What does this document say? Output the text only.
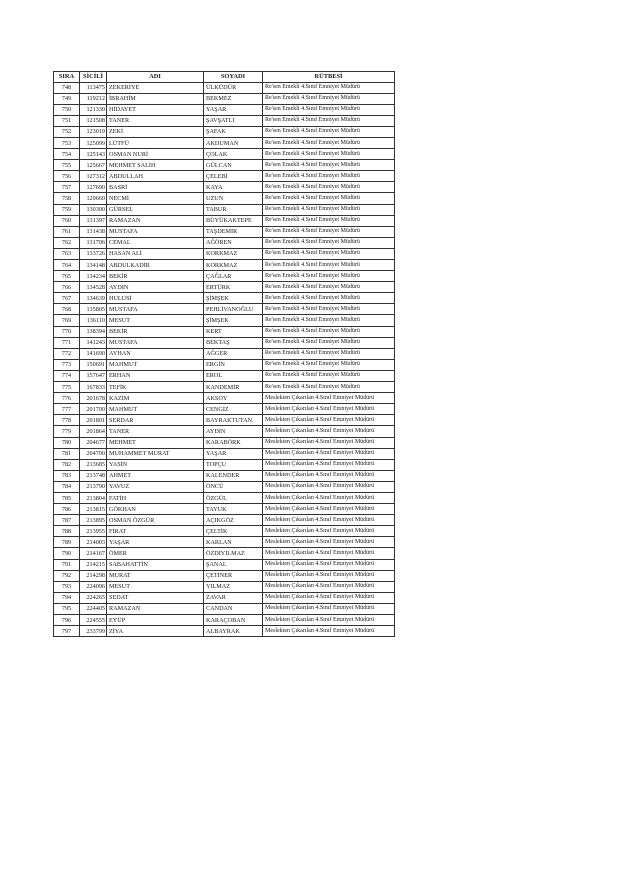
SIRA	SİCİLİ	ADI	SOYADI	RÜTBESİ
748	113475	ZEKERİYE	ÜLKÜDÜR	Re'sen Emekli 4.Sınıf Emniyet Müdürü
749	119212	İBRAHİM	BEKMEZ	Re'sen Emekli 4.Sınıf Emniyet Müdürü
750	121330	HİDAYET	YAŞAR	Re'sen Emekli 4.Sınıf Emniyet Müdürü
751	121508	TANER	ŞAVŞATLI	Re'sen Emekli 4.Sınıf Emniyet Müdürü
752	123019	ZEKİ	ŞAFAK	Re'sen Emekli 4.Sınıf Emniyet Müdürü
753	125099	LÜTFÜ	AKDUMAN	Re'sen Emekli 4.Sınıf Emniyet Müdürü
754	125143	OSMAN NURİ	ÇOLAK	Re'sen Emekli 4.Sınıf Emniyet Müdürü
755	125667	MEHMET SALİH	GÜLCAN	Re'sen Emekli 4.Sınıf Emniyet Müdürü
756	127312	ABDULLAH	ÇELEBİ	Re'sen Emekli 4.Sınıf Emniyet Müdürü
757	127690	BASRİ	KAYA	Re'sen Emekli 4.Sınıf Emniyet Müdürü
758	129660	NECMİ	UZUN	Re'sen Emekli 4.Sınıf Emniyet Müdürü
759	130300	GÜRSEL	TABUR	Re'sen Emekli 4.Sınıf Emniyet Müdürü
760	131397	RAMAZAN	BÜYÜKAKTEPE	Re'sen Emekli 4.Sınıf Emniyet Müdürü
761	131438	MUSTAFA	TAŞDEMİR	Re'sen Emekli 4.Sınıf Emniyet Müdürü
762	131706	CEMAL	AĞÖREN	Re'sen Emekli 4.Sınıf Emniyet Müdürü
763	133726	HASAN ALİ	KORKMAZ	Re'sen Emekli 4.Sınıf Emniyet Müdürü
764	134148	ABDULKADİR	KORKMAZ	Re'sen Emekli 4.Sınıf Emniyet Müdürü
765	134234	BEKİR	ÇAĞLAR	Re'sen Emekli 4.Sınıf Emniyet Müdürü
766	134528	AYDIN	ERTÜRK	Re'sen Emekli 4.Sınıf Emniyet Müdürü
767	134639	HULUSİ	ŞİMŞEK	Re'sen Emekli 4.Sınıf Emniyet Müdürü
768	135805	MUSTAFA	PEHLİVANOĞLU	Re'sen Emekli 4.Sınıf Emniyet Müdürü
769	136110	MESUT	ŞİMŞEK	Re'sen Emekli 4.Sınıf Emniyet Müdürü
770	138394	BEKİR	KERT	Re'sen Emekli 4.Sınıf Emniyet Müdürü
771	141243	MUSTAFA	BEKTAŞ	Re'sen Emekli 4.Sınıf Emniyet Müdürü
772	141690	AYHAN	AĞGER	Re'sen Emekli 4.Sınıf Emniyet Müdürü
773	150691	MAHMUT	ERGİN	Re'sen Emekli 4.Sınıf Emniyet Müdürü
774	157647	ERHAN	EROL	Re'sen Emekli 4.Sınıf Emniyet Müdürü
775	167833	TEFİK	KANDEMİR	Re'sen Emekli 4.Sınıf Emniyet Müdürü
776	201678	KAZİM	AKSOY	Meslekten Çıkarılan 4.Sınıf Emniyet Müdürü
777	201700	MAHMUT	CENGİZ	Meslekten Çıkarılan 4.Sınıf Emniyet Müdürü
778	201801	SERDAR	BAYRAKTUTAN	Meslekten Çıkarılan 4.Sınıf Emniyet Müdürü
779	201864	TANER	AYDIN	Meslekten Çıkarılan 4.Sınıf Emniyet Müdürü
780	204677	MEHMET	KARABÖRK	Meslekten Çıkarılan 4.Sınıf Emniyet Müdürü
781	204700	MUHAMMET MURAT	YAŞAR	Meslekten Çıkarılan 4.Sınıf Emniyet Müdürü
782	213685	YASİN	TOPÇU	Meslekten Çıkarılan 4.Sınıf Emniyet Müdürü
783	213748	AHMET	KALENDER	Meslekten Çıkarılan 4.Sınıf Emniyet Müdürü
784	213790	YAVUZ	ÖNCÜ	Meslekten Çıkarılan 4.Sınıf Emniyet Müdürü
785	213804	FATİH	ÖZGÜL	Meslekten Çıkarılan 4.Sınıf Emniyet Müdürü
786	213815	GÖKHAN	TAYUK	Meslekten Çıkarılan 4.Sınıf Emniyet Müdürü
787	213895	OSMAN ÖZGÜR	AÇIKGÖZ	Meslekten Çıkarılan 4.Sınıf Emniyet Müdürü
788	213955	FIRAT	ÇELTİK	Meslekten Çıkarılan 4.Sınıf Emniyet Müdürü
789	214003	YAŞAR	KARLAN	Meslekten Çıkarılan 4.Sınıf Emniyet Müdürü
790	214167	ÖMER	ÖZDİYILMAZ	Meslekten Çıkarılan 4.Sınıf Emniyet Müdürü
791	214215	SABAHATTİN	ŞANAL	Meslekten Çıkarılan 4.Sınıf Emniyet Müdürü
792	214298	MURAT	ÇETİNER	Meslekten Çıkarılan 4.Sınıf Emniyet Müdürü
793	224096	MESUT	YILMAZ	Meslekten Çıkarılan 4.Sınıf Emniyet Müdürü
794	224265	SEDAT	ZAVAR	Meslekten Çıkarılan 4.Sınıf Emniyet Müdürü
795	224405	RAMAZAN	CANDAN	Meslekten Çıkarılan 4.Sınıf Emniyet Müdürü
796	224555	EYÜP	KARAÇOBAN	Meslekten Çıkarılan 4.Sınıf Emniyet Müdürü
797	233799	ZİYA	ALBAYRAK	Meslekten Çıkarılan 4.Sınıf Emniyet Müdürü
